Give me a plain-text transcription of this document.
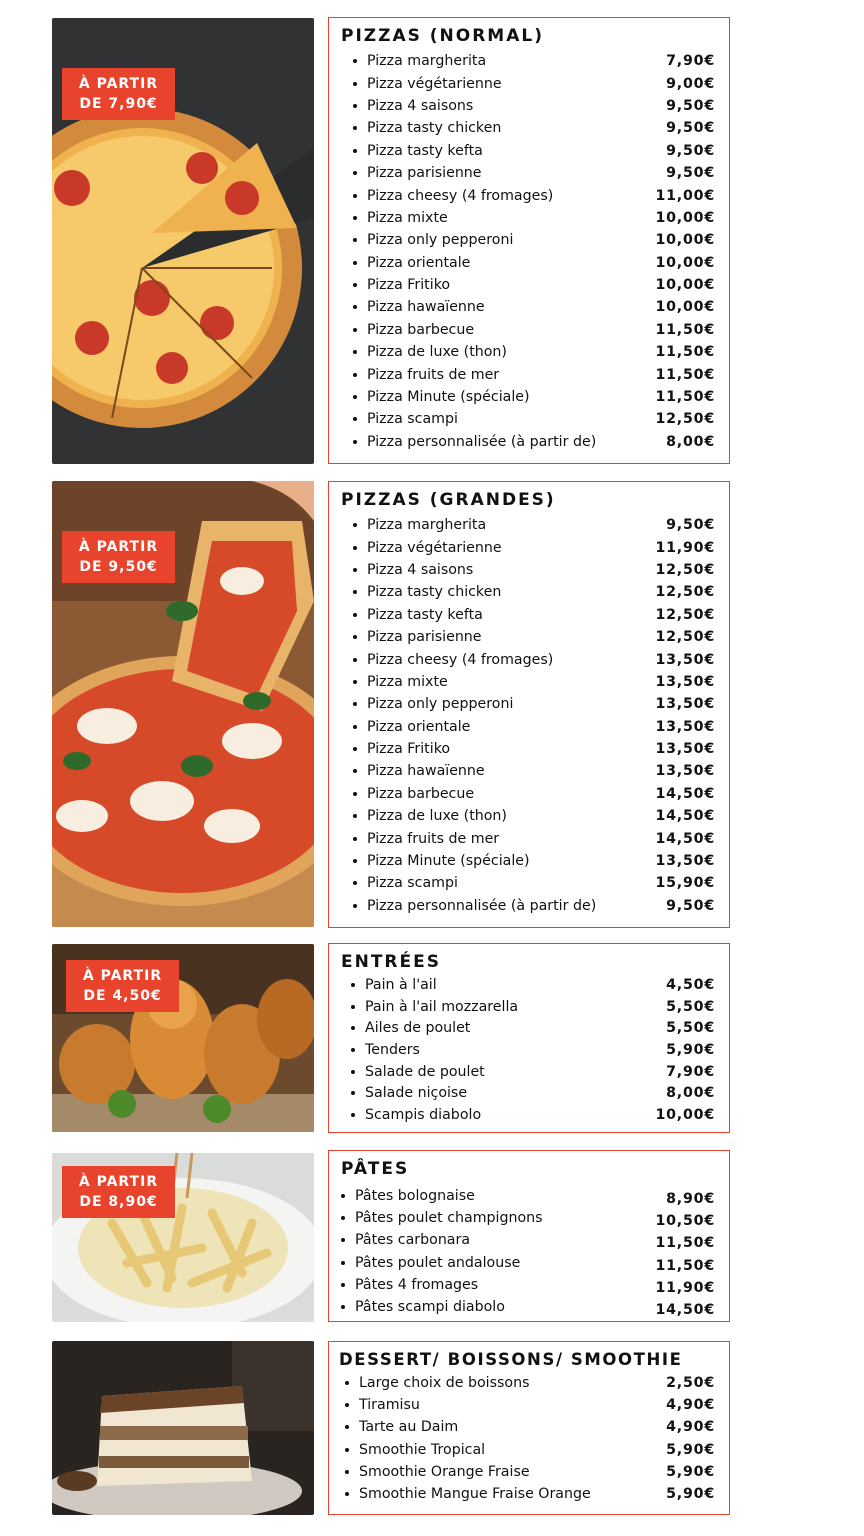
À PARTIR
DE 7,90€
PIZZAS (NORMAL)
Pizza margherita	7,90€
Pizza végétarienne	9,00€
Pizza 4 saisons	9,50€
Pizza tasty chicken	9,50€
Pizza tasty kefta	9,50€
Pizza parisienne	9,50€
Pizza cheesy (4 fromages)	11,00€
Pizza mixte	10,00€
Pizza only pepperoni	10,00€
Pizza orientale	10,00€
Pizza Fritiko	10,00€
Pizza hawaïenne	10,00€
Pizza barbecue	11,50€
Pizza de luxe (thon)	11,50€
Pizza fruits de mer	11,50€
Pizza Minute (spéciale)	11,50€
Pizza scampi	12,50€
Pizza personnalisée (à partir de)	8,00€
À PARTIR
DE 9,50€
PIZZAS (GRANDES)
Pizza margherita	9,50€
Pizza végétarienne	11,90€
Pizza 4 saisons	12,50€
Pizza tasty chicken	12,50€
Pizza tasty kefta	12,50€
Pizza parisienne	12,50€
Pizza cheesy (4 fromages)	13,50€
Pizza mixte	13,50€
Pizza only pepperoni	13,50€
Pizza orientale	13,50€
Pizza Fritiko	13,50€
Pizza hawaïenne	13,50€
Pizza barbecue	14,50€
Pizza de luxe (thon)	14,50€
Pizza fruits de mer	14,50€
Pizza Minute (spéciale)	13,50€
Pizza scampi	15,90€
Pizza personnalisée (à partir de)	9,50€
À PARTIR
DE 4,50€
ENTRÉES
Pain à l'ail	4,50€
Pain à l'ail mozzarella	5,50€
Ailes de poulet	5,50€
Tenders	5,90€
Salade de poulet	7,90€
Salade niçoise	8,00€
Scampis diabolo	10,00€
À PARTIR
DE 8,90€
PÂTES
Pâtes bolognaise	8,90€
Pâtes poulet champignons	10,50€
Pâtes carbonara	11,50€
Pâtes poulet andalouse	11,50€
Pâtes 4 fromages	11,90€
Pâtes scampi diabolo	14,50€
DESSERT/ BOISSONS/ SMOOTHIE
Large choix de boissons	2,50€
Tiramisu	4,90€
Tarte au Daim	4,90€
Smoothie Tropical	5,90€
Smoothie Orange Fraise	5,90€
Smoothie Mangue Fraise Orange	5,90€
